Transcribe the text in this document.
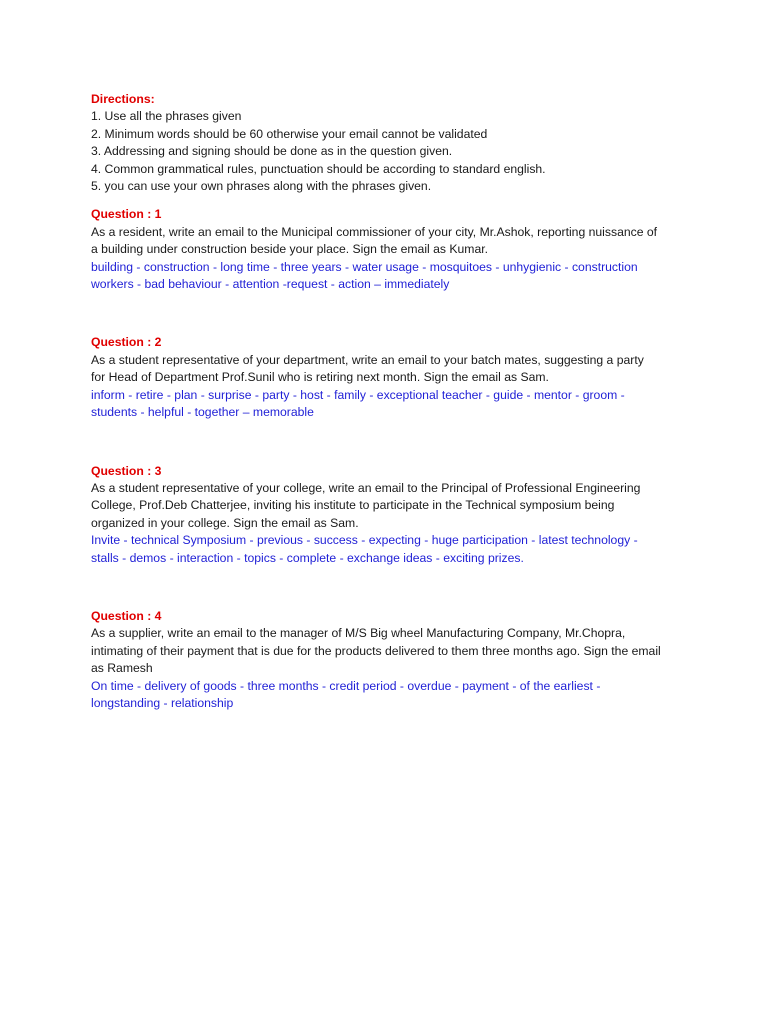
Directions:

1. Use all the phrases given

2. Minimum words should be 60 otherwise your email cannot be validated

3. Addressing and signing should be done as in the question given.

4. Common grammatical rules, punctuation should be according to standard english.

5. you can use your own phrases along with the phrases given.

Question : 1

As a resident, write an email to the Municipal commissioner of your city, Mr.Ashok, reporting nuissance of

a building under construction beside your place. Sign the email as Kumar.

building - construction - long time - three years - water usage - mosquitoes - unhygienic - construction

workers - bad behaviour - attention -request - action – immediately

Question : 2

As a student representative of your department, write an email to your batch mates, suggesting a party

for Head of Department Prof.Sunil who is retiring next month. Sign the email as Sam.

inform - retire - plan - surprise - party - host - family - exceptional teacher - guide - mentor - groom -

students - helpful - together – memorable

Question : 3

As a student representative of your college, write an email to the Principal of Professional Engineering

College, Prof.Deb Chatterjee, inviting his institute to participate in the Technical symposium being

organized in your college. Sign the email as Sam.

Invite - technical Symposium - previous - success - expecting - huge participation - latest technology -

stalls - demos - interaction - topics - complete - exchange ideas - exciting prizes.

Question : 4

As a supplier, write an email to the manager of M/S Big wheel Manufacturing Company, Mr.Chopra,

intimating of their payment that is due for the products delivered to them three months ago. Sign the email

as Ramesh

On time - delivery of goods - three months - credit period - overdue - payment - of the earliest -

longstanding - relationship
